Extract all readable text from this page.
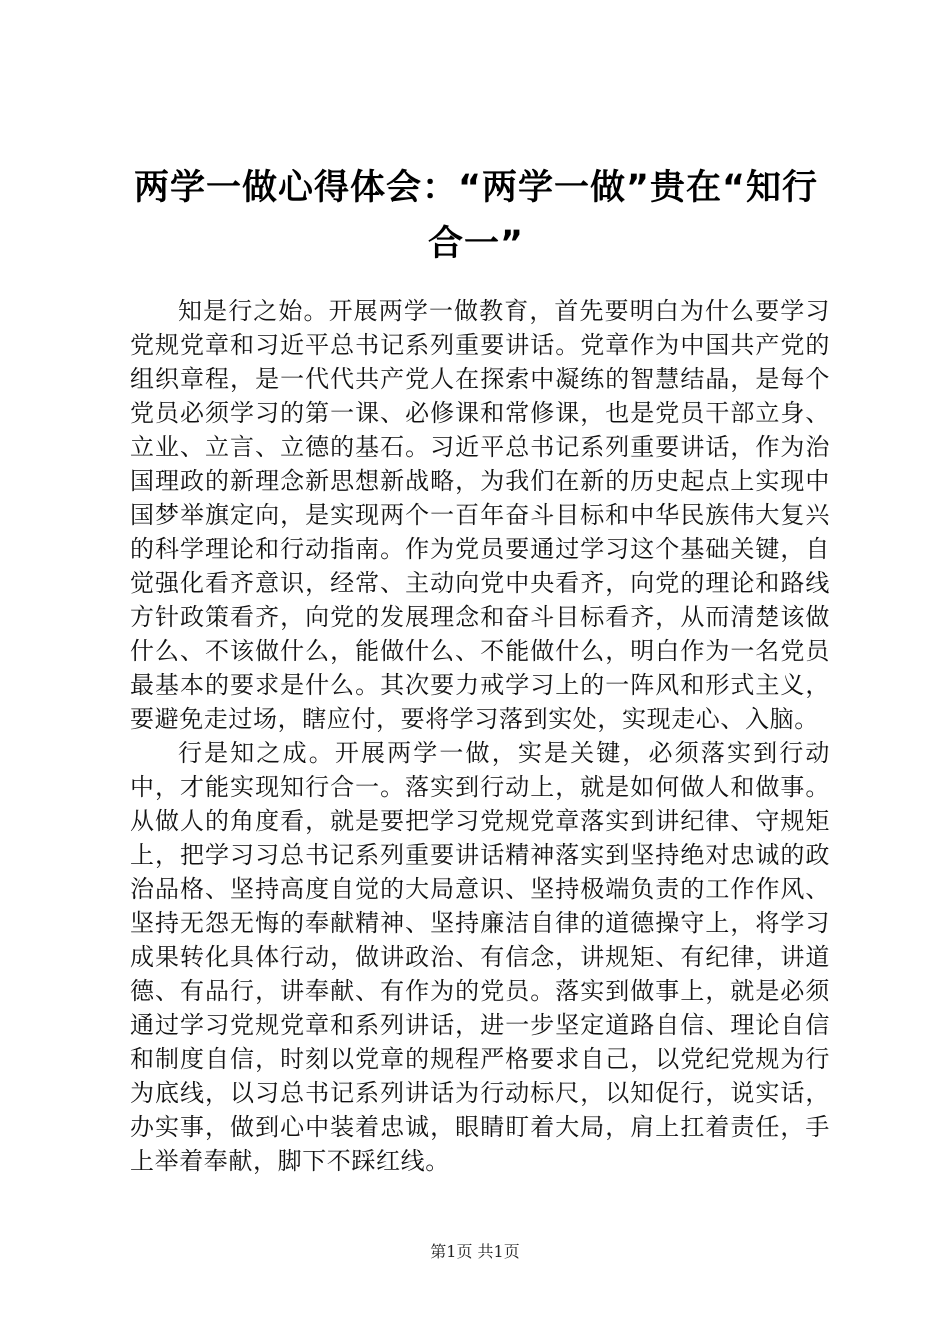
两学一做心得体会：“两学一做”贵在“知行合一”

知是行之始。开展两学一做教育，首先要明白为什么要学习党规党章和习近平总书记系列重要讲话。党章作为中国共产党的组织章程，是一代代共产党人在探索中凝练的智慧结晶，是每个党员必须学习的第一课、必修课和常修课，也是党员干部立身、立业、立言、立德的基石。习近平总书记系列重要讲话，作为治国理政的新理念新思想新战略，为我们在新的历史起点上实现中国梦举旗定向，是实现两个一百年奋斗目标和中华民族伟大复兴的科学理论和行动指南。作为党员要通过学习这个基础关键，自觉强化看齐意识，经常、主动向党中央看齐，向党的理论和路线方针政策看齐，向党的发展理念和奋斗目标看齐，从而清楚该做什么、不该做什么，能做什么、不能做什么，明白作为一名党员最基本的要求是什么。其次要力戒学习上的一阵风和形式主义，要避免走过场，瞎应付，要将学习落到实处，实现走心、入脑。

行是知之成。开展两学一做，实是关键，必须落实到行动中，才能实现知行合一。落实到行动上，就是如何做人和做事。从做人的角度看，就是要把学习党规党章落实到讲纪律、守规矩上，把学习习总书记系列重要讲话精神落实到坚持绝对忠诚的政治品格、坚持高度自觉的大局意识、坚持极端负责的工作作风、坚持无怨无悔的奉献精神、坚持廉洁自律的道德操守上，将学习成果转化具体行动，做讲政治、有信念，讲规矩、有纪律，讲道德、有品行，讲奉献、有作为的党员。落实到做事上，就是必须通过学习党规党章和系列讲话，进一步坚定道路自信、理论自信和制度自信，时刻以党章的规程严格要求自己，以党纪党规为行为底线，以习总书记系列讲话为行动标尺，以知促行，说实话，办实事，做到心中装着忠诚，眼睛盯着大局，肩上扛着责任，手上举着奉献，脚下不踩红线。

第1页 共1页
